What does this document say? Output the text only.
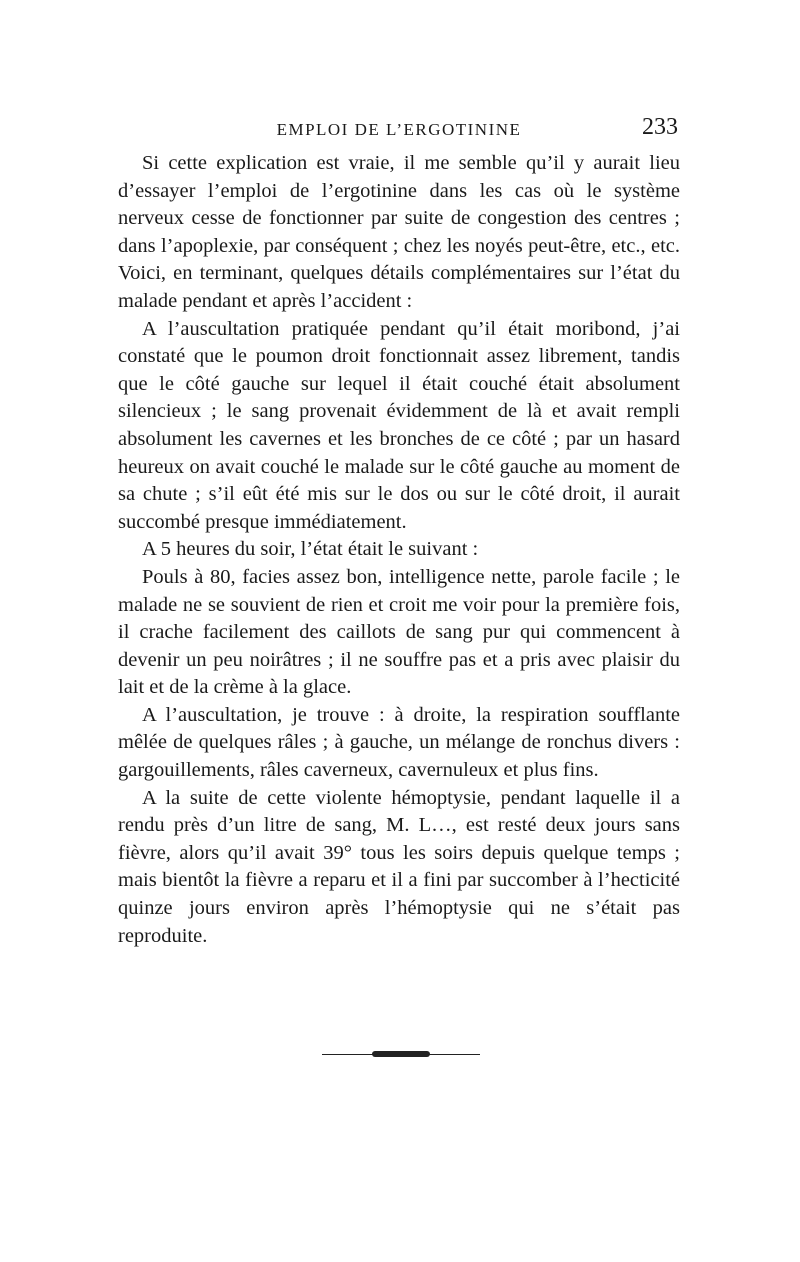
EMPLOI DE L’ERGOTININE	233

Si cette explication est vraie, il me semble qu’il y aurait lieu d’essayer l’emploi de l’ergotinine dans les cas où le système nerveux cesse de fonctionner par suite de congestion des centres ; dans l’apoplexie, par conséquent ; chez les noyés peut-être, etc., etc. Voici, en terminant, quelques détails complémentaires sur l’état du malade pendant et après l’accident :

A l’auscultation pratiquée pendant qu’il était moribond, j’ai constaté que le poumon droit fonctionnait assez librement, tandis que le côté gauche sur lequel il était couché était absolument silencieux ; le sang provenait évidemment de là et avait rempli absolument les cavernes et les bronches de ce côté ; par un hasard heureux on avait couché le malade sur le côté gauche au moment de sa chute ; s’il eût été mis sur le dos ou sur le côté droit, il aurait succombé presque immédiatement.

A 5 heures du soir, l’état était le suivant :

Pouls à 80, facies assez bon, intelligence nette, parole facile ; le malade ne se souvient de rien et croit me voir pour la première fois, il crache facilement des caillots de sang pur qui commencent à devenir un peu noirâtres ; il ne souffre pas et a pris avec plaisir du lait et de la crème à la glace.

A l’auscultation, je trouve : à droite, la respiration soufflante mêlée de quelques râles ; à gauche, un mélange de ronchus divers : gargouillements, râles caverneux, cavernuleux et plus fins.

A la suite de cette violente hémoptysie, pendant laquelle il a rendu près d’un litre de sang, M. L…, est resté deux jours sans fièvre, alors qu’il avait 39° tous les soirs depuis quelque temps ; mais bientôt la fièvre a reparu et il a fini par succomber à l’hecticité quinze jours environ après l’hémoptysie qui ne s’était pas reproduite.
